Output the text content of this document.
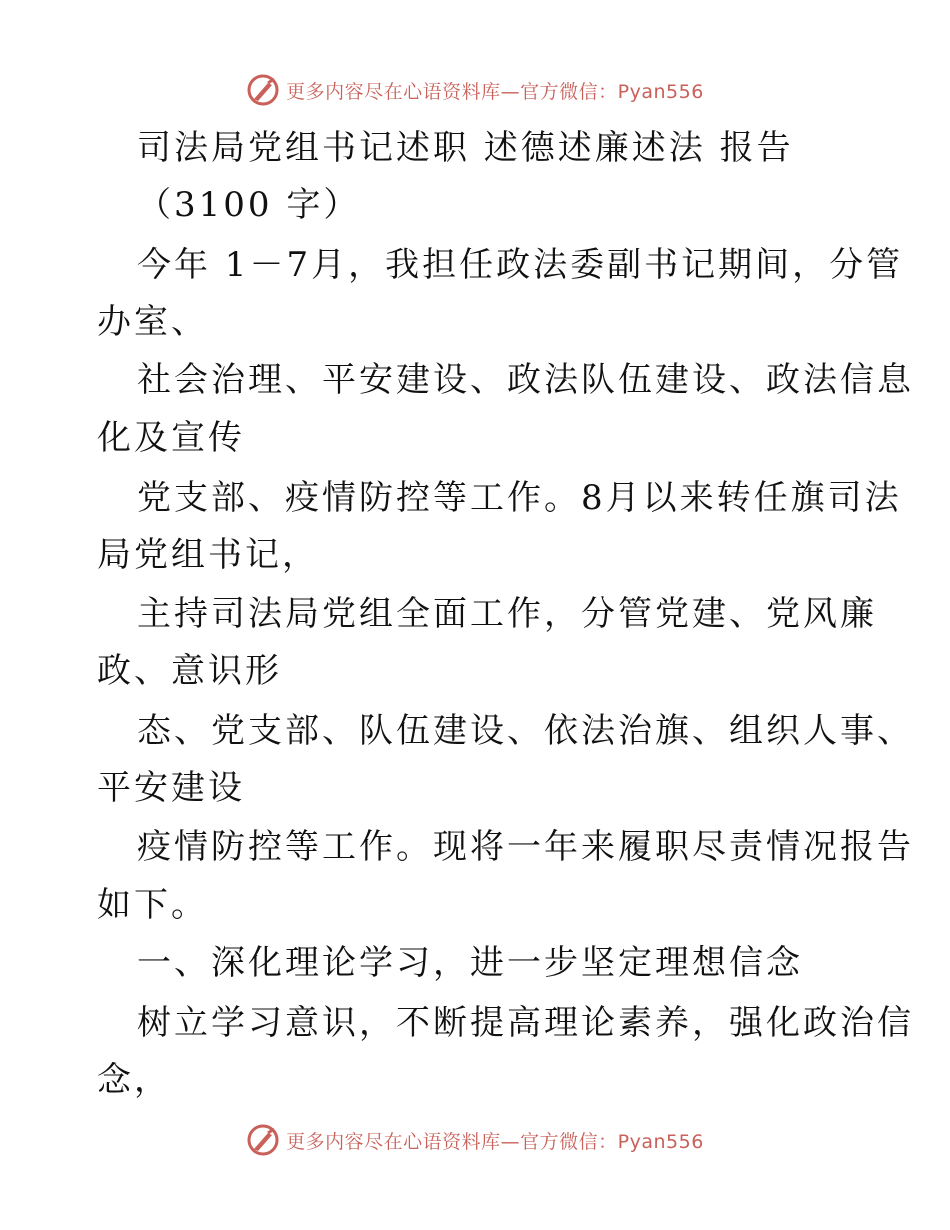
更多内容尽在心语资料库—官方微信：Pyan556
司法局党组书记述职 述德述廉述法 报告
（3100 字）
今年 1－7月，我担任政法委副书记期间，分管
办室、
社会治理、平安建设、政法队伍建设、政法信息
化及宣传
党支部、疫情防控等工作。8月以来转任旗司法
局党组书记，
主持司法局党组全面工作，分管党建、党风廉
政、意识形
态、党支部、队伍建设、依法治旗、组织人事、
平安建设
疫情防控等工作。现将一年来履职尽责情况报告
如下。
一、深化理论学习，进一步坚定理想信念
树立学习意识，不断提高理论素养，强化政治信
念，
更多内容尽在心语资料库—官方微信：Pyan556
